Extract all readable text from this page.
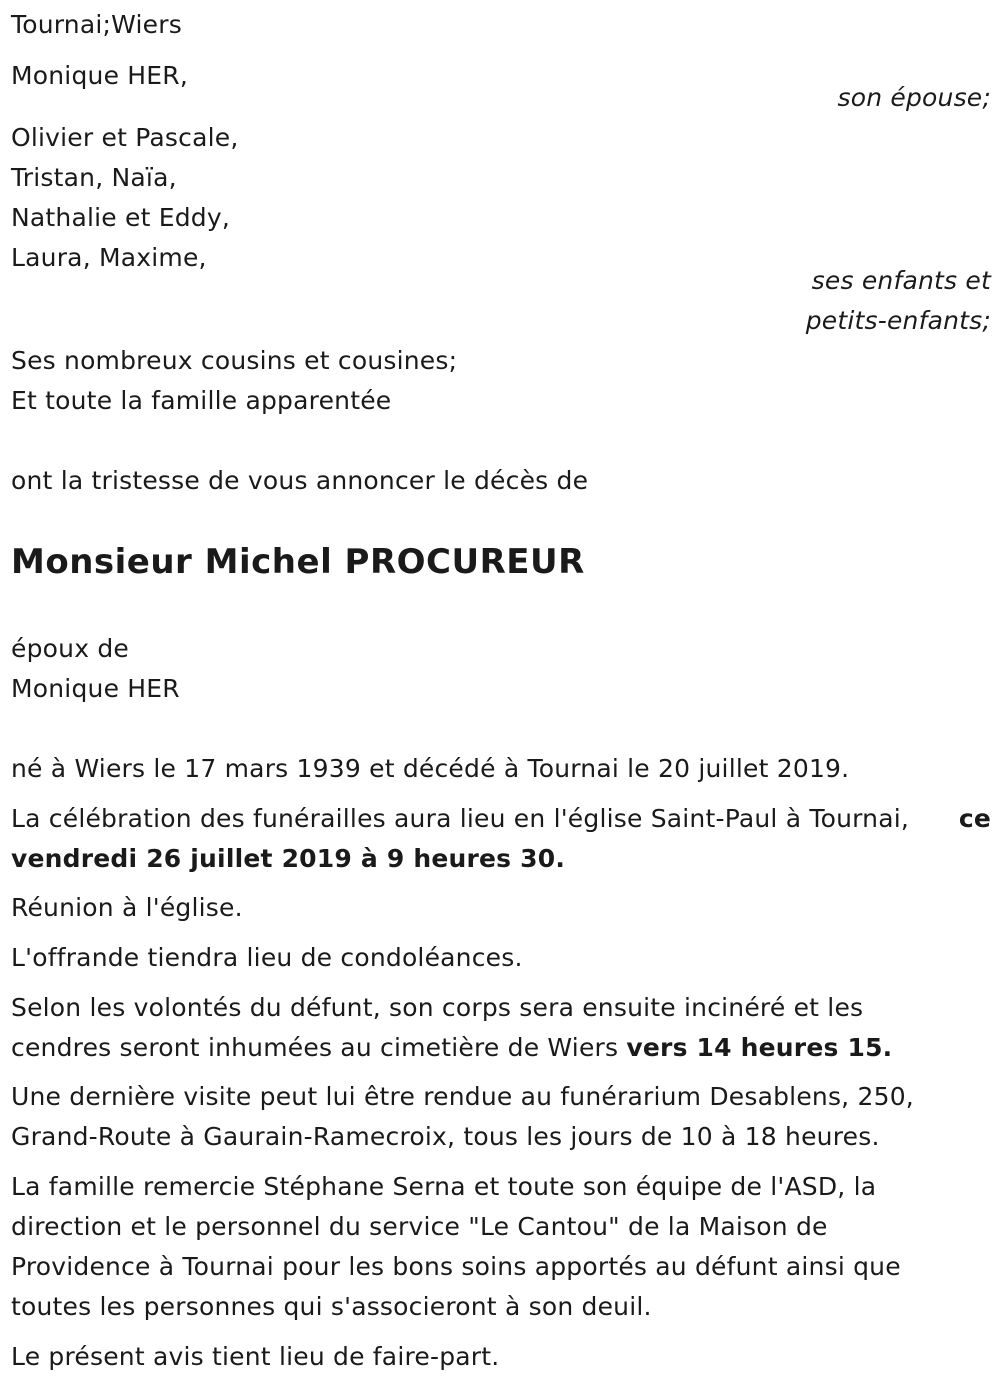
Tournai;Wiers
Monique HER,
son épouse;
Olivier et Pascale,
Tristan, Naïa,
Nathalie et Eddy,
Laura, Maxime,
ses enfants et
petits-enfants;
Ses nombreux cousins et cousines;
Et toute la famille apparentée
ont la tristesse de vous annoncer le décès de
Monsieur Michel PROCUREUR
époux de
Monique HER
né à Wiers le 17 mars 1939 et décédé à Tournai le 20 juillet 2019.
La célébration des funérailles aura lieu en l'église Saint-Paul à Tournai, ce
vendredi 26 juillet 2019 à 9 heures 30.
Réunion à l'église.
L'offrande tiendra lieu de condoléances.
Selon les volontés du défunt, son corps sera ensuite incinéré et les
cendres seront inhumées au cimetière de Wiers vers 14 heures 15.
Une dernière visite peut lui être rendue au funérarium Desablens, 250,
Grand-Route à Gaurain-Ramecroix, tous les jours de 10 à 18 heures.
La famille remercie Stéphane Serna et toute son équipe de l'ASD, la
direction et le personnel du service "Le Cantou" de la Maison de
Providence à Tournai pour les bons soins apportés au défunt ainsi que
toutes les personnes qui s'associeront à son deuil.
Le présent avis tient lieu de faire-part.
